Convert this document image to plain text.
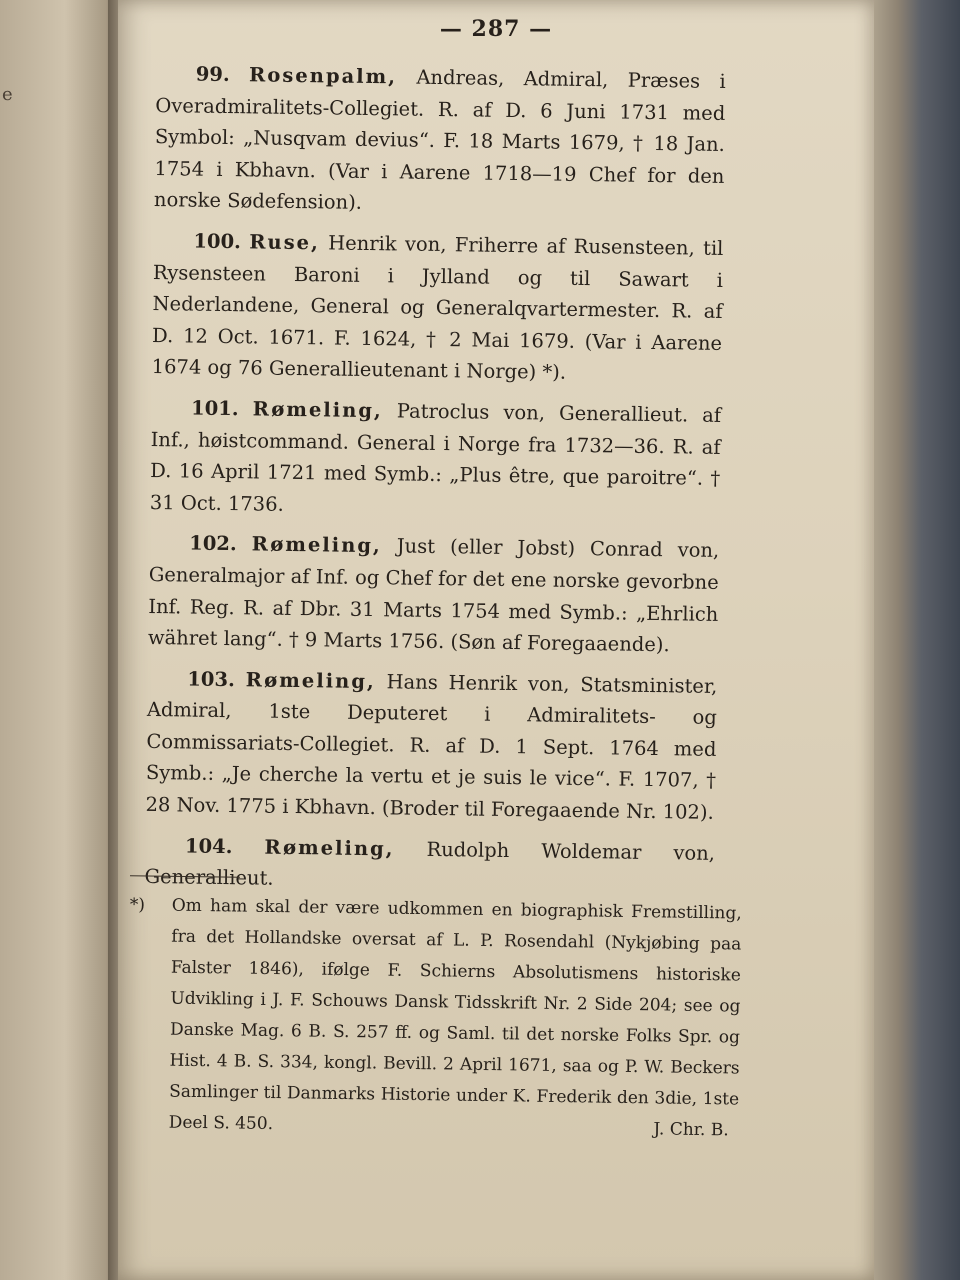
e
— 287 —

99. Rosenpalm, Andreas, Admiral, Præses i Overadmiralitets-Collegiet. R. af D. 6 Juni 1731 med Symbol: „Nusqvam devius“. F. 18 Marts 1679, † 18 Jan. 1754 i Kbhavn. (Var i Aarene 1718—19 Chef for den norske Sødefension).

100. Ruse, Henrik von, Friherre af Rusensteen, til Rysensteen Baroni i Jylland og til Sawart i Nederlandene, General og Generalqvartermester. R. af D. 12 Oct. 1671. F. 1624, † 2 Mai 1679. (Var i Aarene 1674 og 76 Generallieutenant i Norge) *).

101. Rømeling, Patroclus von, Generallieut. af Inf., høistcommand. General i Norge fra 1732—36. R. af D. 16 April 1721 med Symb.: „Plus être, que paroitre“. † 31 Oct. 1736.

102. Rømeling, Just (eller Jobst) Conrad von, Generalmajor af Inf. og Chef for det ene norske gevorbne Inf. Reg. R. af Dbr. 31 Marts 1754 med Symb.: „Ehrlich währet lang“. † 9 Marts 1756. (Søn af Foregaaende).

103. Rømeling, Hans Henrik von, Statsminister, Admiral, 1ste Deputeret i Admiralitets- og Commissariats-Collegiet. R. af D. 1 Sept. 1764 med Symb.: „Je cherche la vertu et je suis le vice“. F. 1707, † 28 Nov. 1775 i Kbhavn. (Broder til Foregaaende Nr. 102).

104. Rømeling, Rudolph Woldemar von, Generallieut.

*) Om ham skal der være udkommen en biographisk Fremstilling, fra det Hollandske oversat af L. P. Rosendahl (Nykjøbing paa Falster 1846), ifølge F. Schierns Absolutismens historiske Udvikling i J. F. Schouws Dansk Tidsskrift Nr. 2 Side 204; see og Danske Mag. 6 B. S. 257 ff. og Saml. til det norske Folks Spr. og Hist. 4 B. S. 334, kongl. Bevill. 2 April 1671, saa og P. W. Beckers Samlinger til Danmarks Historie under K. Frederik den 3die, 1ste Deel S. 450.	J. Chr. B.
